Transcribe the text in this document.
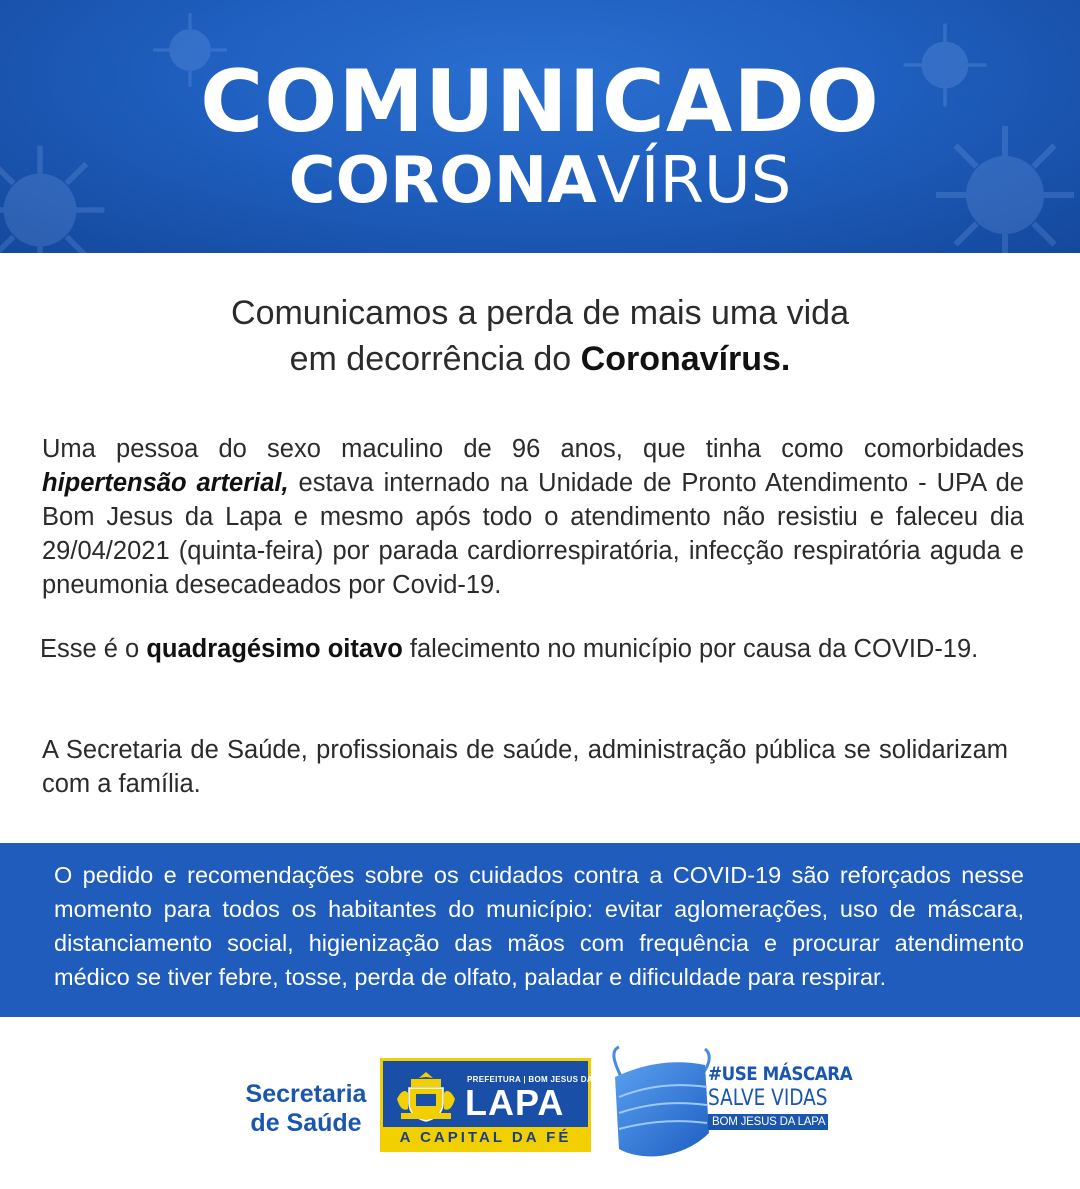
COMUNICADO
CORONAVÍRUS
Comunicamos a perda de mais uma vida
em decorrência do Coronavírus.
Uma pessoa do sexo maculino de 96 anos, que tinha como comorbidades hipertensão arterial, estava internado na Unidade de Pronto Atendimento - UPA de Bom Jesus da Lapa e mesmo após todo o atendimento não resistiu e faleceu dia 29/04/2021 (quinta-feira) por parada cardiorrespiratória, infecção respiratória aguda e pneumonia desecadeados por Covid-19.
Esse é o quadragésimo oitavo falecimento no município por causa da COVID-19.
A Secretaria de Saúde, profissionais de saúde, administração pública se solidarizam com a família.
O pedido e recomendações sobre os cuidados contra a COVID-19 são reforçados nesse momento para todos os habitantes do município: evitar aglomerações, uso de máscara, distanciamento social, higienização das mãos com frequência e procurar atendimento médico se tiver febre, tosse, perda de olfato, paladar e dificuldade para respirar.
Secretaria
de Saúde
PREFEITURA | BOM JESUS DA
LAPA
A CAPITAL DA FÉ
#USE MÁSCARA
SALVE VIDAS
BOM JESUS DA LAPA
